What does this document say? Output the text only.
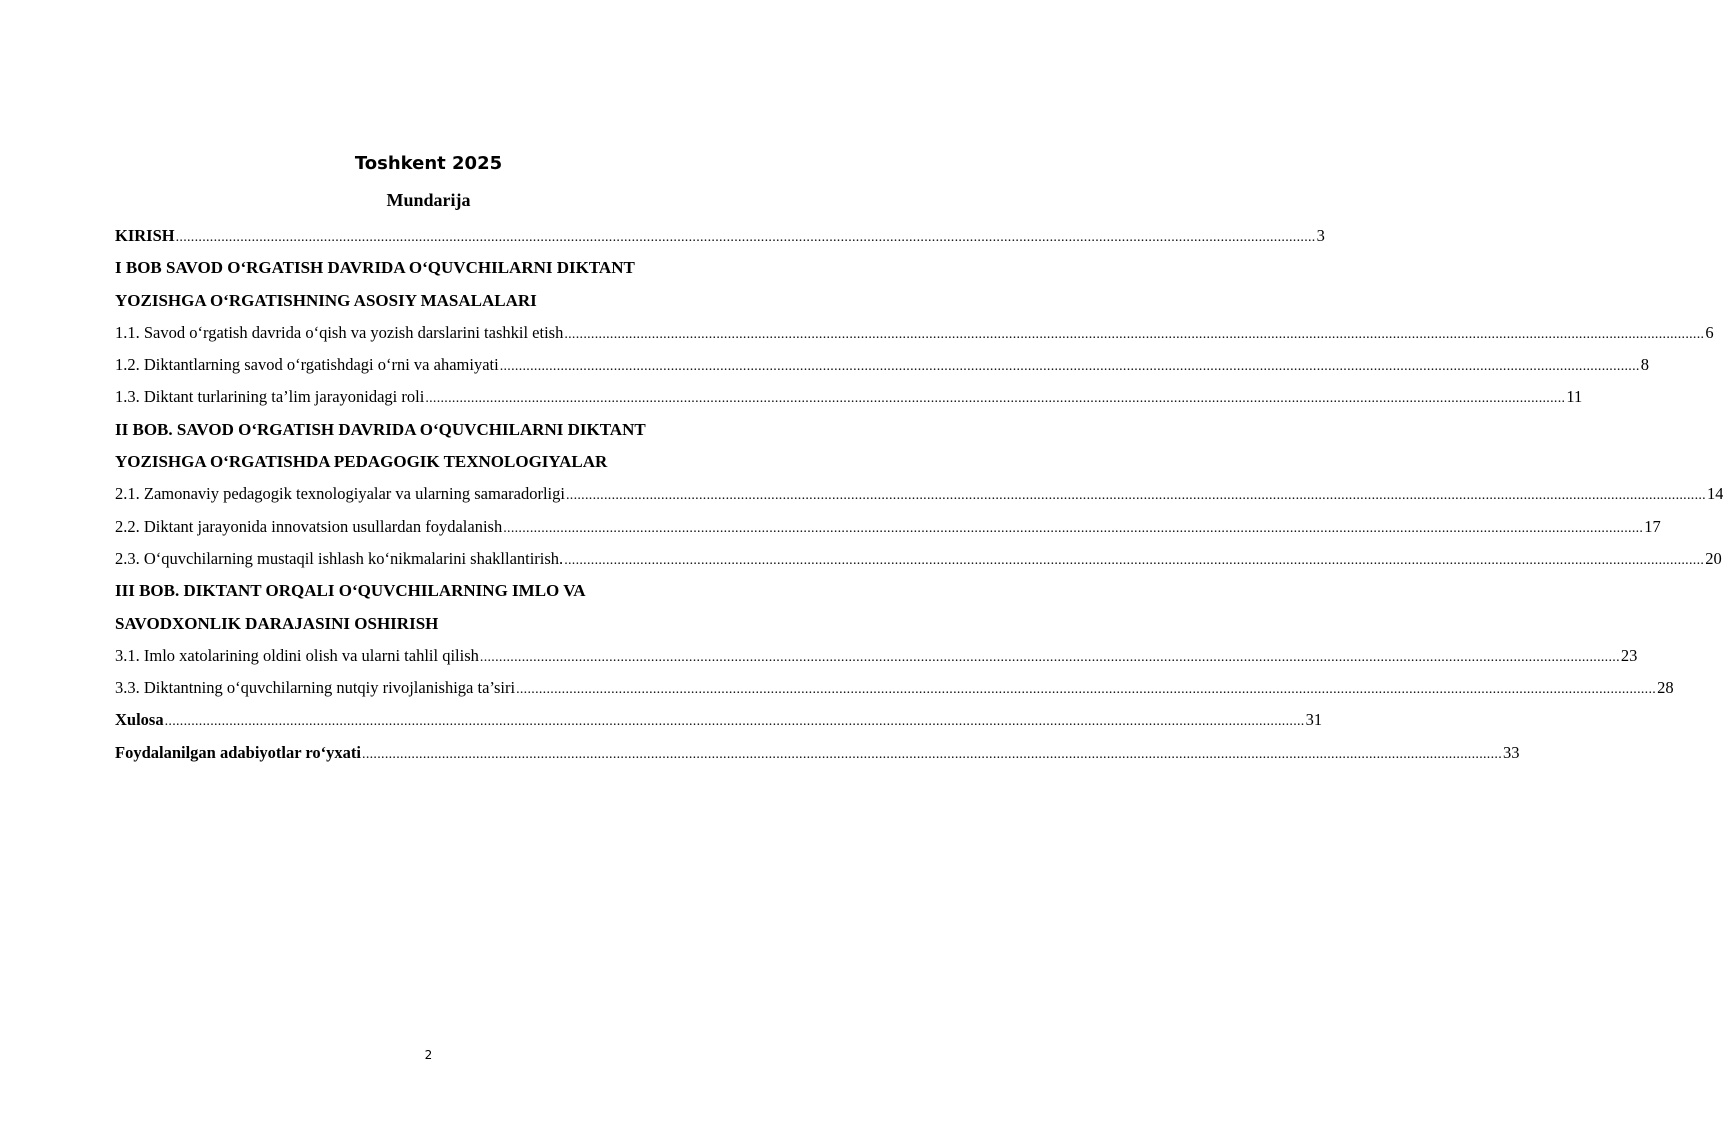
Toshkent 2025
Mundarija
KIRISH ............................................................................................................................................................................................................................................................................................................ 3
I BOB SAVOD O‘RGATISH DAVRIDA O‘QUVCHILARNI DIKTANT
YOZISHGA O‘RGATISHNING ASOSIY MASALALARI
1.1. Savod o‘rgatish davrida o‘qish va yozish darslarini tashkil etish ............................................................................................................................................................................................................................................................................................................ 6
1.2. Diktantlarning savod o‘rgatishdagi o‘rni va ahamiyati ............................................................................................................................................................................................................................................................................................................ 8
1.3. Diktant turlarining ta’lim jarayonidagi roli ............................................................................................................................................................................................................................................................................................................ 11
II BOB. SAVOD O‘RGATISH DAVRIDA O‘QUVCHILARNI DIKTANT
YOZISHGA O‘RGATISHDA PEDAGOGIK TEXNOLOGIYALAR
2.1. Zamonaviy pedagogik texnologiyalar va ularning samaradorligi ............................................................................................................................................................................................................................................................................................................ 14
2.2. Diktant jarayonida innovatsion usullardan foydalanish ............................................................................................................................................................................................................................................................................................................ 17
2.3. O‘quvchilarning mustaqil ishlash ko‘nikmalarini shakllantirish. ............................................................................................................................................................................................................................................................................................................ 20
III BOB. DIKTANT ORQALI O‘QUVCHILARNING IMLO VA
SAVODXONLIK DARAJASINI OSHIRISH
3.1. Imlo xatolarining oldini olish va ularni tahlil qilish ............................................................................................................................................................................................................................................................................................................ 23
3.3. Diktantning o‘quvchilarning nutqiy rivojlanishiga ta’siri ............................................................................................................................................................................................................................................................................................................ 28
Xulosa ............................................................................................................................................................................................................................................................................................................ 31
Foydalanilgan adabiyotlar ro‘yxati ............................................................................................................................................................................................................................................................................................................ 33
2
